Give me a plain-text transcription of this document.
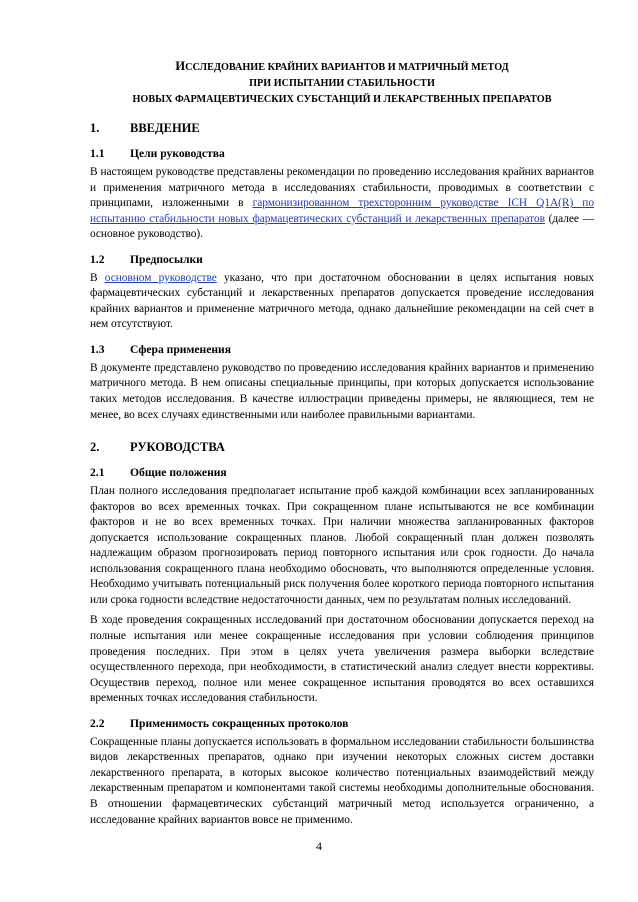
ИССЛЕДОВАНИЕ КРАЙНИХ ВАРИАНТОВ И МАТРИЧНЫЙ МЕТОД
ПРИ ИСПЫТАНИИ СТАБИЛЬНОСТИ
НОВЫХ ФАРМАЦЕВТИЧЕСКИХ СУБСТАНЦИЙ И ЛЕКАРСТВЕННЫХ ПРЕПАРАТОВ
1.	ВВЕДЕНИЕ
1.1	Цели руководства

В настоящем руководстве представлены рекомендации по проведению исследования крайних вариантов и применения матричного метода в исследованиях стабильности, проводимых в соответствии с принципами, изложенными в гармонизированном трехсторонним руководстве ICH Q1A(R) по испытанию стабильности новых фармацевтических субстанций и лекарственных препаратов (далее — основное руководство).

1.2	Предпосылки

В основном руководстве указано, что при достаточном обосновании в целях испытания новых фармацевтических субстанций и лекарственных препаратов допускается проведение исследования крайних вариантов и применение матричного метода, однако дальнейшие рекомендации на сей счет в нем отсутствуют.

1.3	Сфера применения

В документе представлено руководство по проведению исследования крайних вариантов и применению матричного метода. В нем описаны специальные принципы, при которых допускается использование таких методов исследования. В качестве иллюстрации приведены примеры, не являющиеся, тем не менее, во всех случаях единственными или наиболее правильными вариантами.

2.	РУКОВОДСТВА
2.1	Общие положения

План полного исследования предполагает испытание проб каждой комбинации всех запланированных факторов во всех временных точках. При сокращенном плане испытываются не все комбинации факторов и не во всех временных точках. При наличии множества запланированных факторов допускается использование сокращенных планов. Любой сокращенный план должен позволять надлежащим образом прогнозировать период повторного испытания или срок годности. До начала использования сокращенного плана необходимо обосновать, что выполняются определенные условия. Необходимо учитывать потенциальный риск получения более короткого периода повторного испытания или срока годности вследствие недостаточности данных, чем по результатам полных исследований.

В ходе проведения сокращенных исследований при достаточном обосновании допускается переход на полные испытания или менее сокращенные исследования при условии соблюдения принципов проведения последних. При этом в целях учета увеличения размера выборки вследствие осуществленного перехода, при необходимости, в статистический анализ следует внести коррективы. Осуществив переход, полное или менее сокращенное испытания проводятся во всех оставшихся временных точках исследования стабильности.

2.2	Применимость сокращенных протоколов

Сокращенные планы допускается использовать в формальном исследовании стабильности большинства видов лекарственных препаратов, однако при изучении некоторых сложных систем доставки лекарственного препарата, в которых высокое количество потенциальных взаимодействий между лекарственным препаратом и компонентами такой системы необходимы дополнительные обоснования. В отношении фармацевтических субстанций матричный метод используется ограниченно, а исследование крайних вариантов вовсе не применимо.

4
